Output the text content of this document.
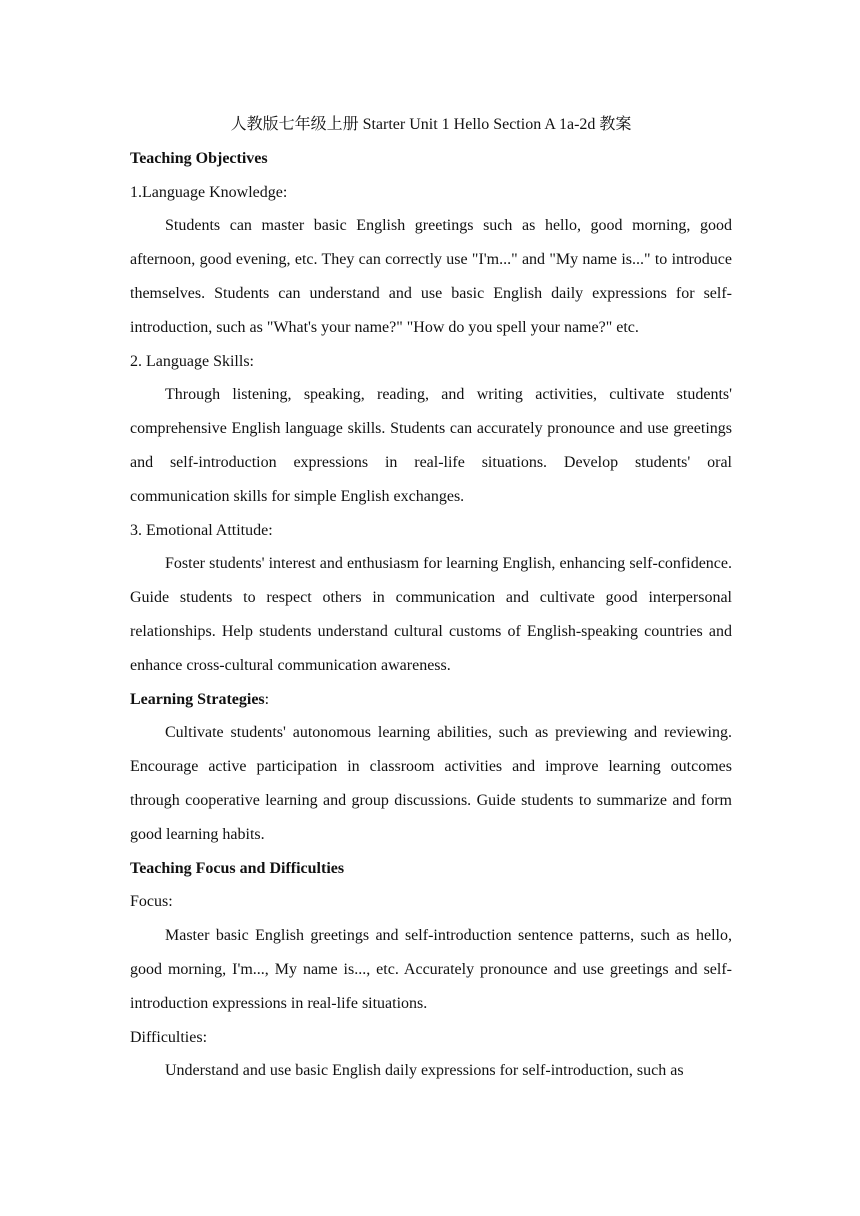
人教版七年级上册 Starter Unit 1 Hello Section A 1a-2d 教案

Teaching Objectives

1.Language Knowledge:

Students can master basic English greetings such as hello, good morning, good afternoon, good evening, etc. They can correctly use "I'm..." and "My name is..." to introduce themselves. Students can understand and use basic English daily expressions for self-introduction, such as "What's your name?" "How do you spell your name?" etc.

2. Language Skills:

Through listening, speaking, reading, and writing activities, cultivate students' comprehensive English language skills. Students can accurately pronounce and use greetings and self-introduction expressions in real-life situations. Develop students' oral communication skills for simple English exchanges.

3. Emotional Attitude:

Foster students' interest and enthusiasm for learning English, enhancing self-confidence. Guide students to respect others in communication and cultivate good interpersonal relationships. Help students understand cultural customs of English-speaking countries and enhance cross-cultural communication awareness.

Learning Strategies:

Cultivate students' autonomous learning abilities, such as previewing and reviewing. Encourage active participation in classroom activities and improve learning outcomes through cooperative learning and group discussions. Guide students to summarize and form good learning habits.

Teaching Focus and Difficulties

Focus:

Master basic English greetings and self-introduction sentence patterns, such as hello, good morning, I'm..., My name is..., etc. Accurately pronounce and use greetings and self-introduction expressions in real-life situations.

Difficulties:

Understand and use basic English daily expressions for self-introduction, such as
